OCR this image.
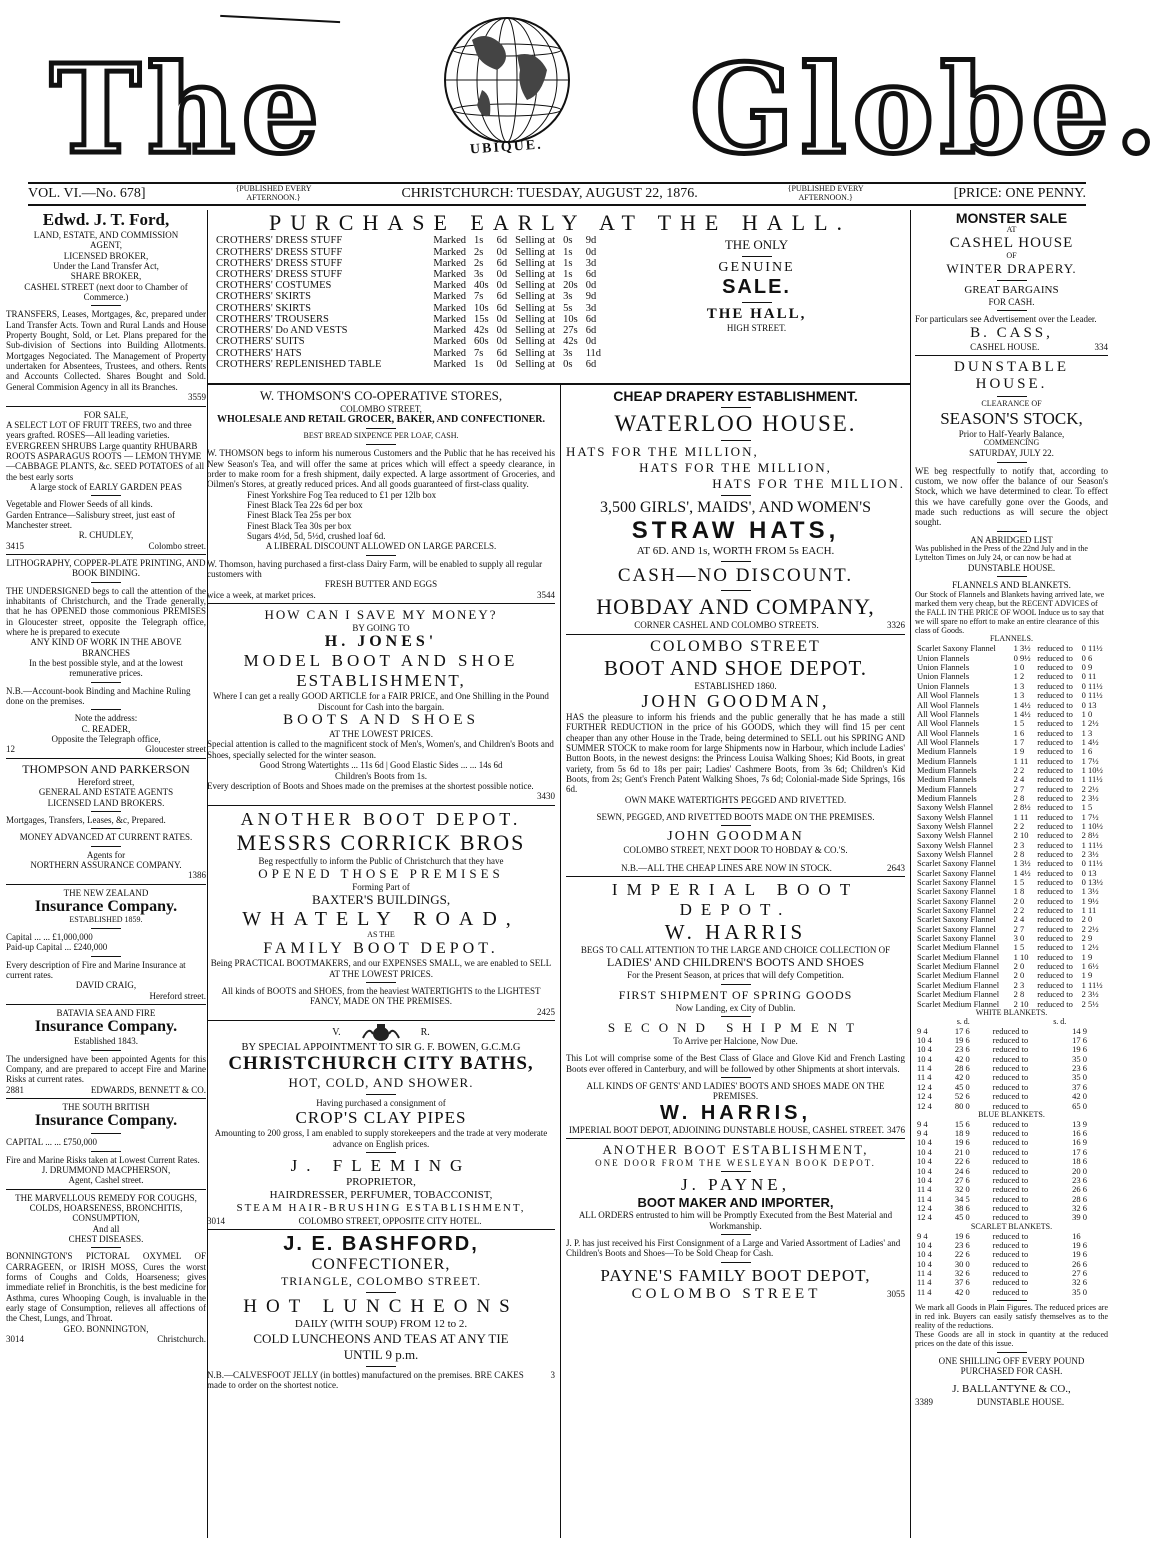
The	UBIQUE. Globe.
VOL. VI.—No. 678]	{PUBLISHED EVERY AFTERNOON.}	CHRISTCHURCH: TUESDAY, AUGUST 22, 1876.	{PUBLISHED EVERY AFTERNOON.}	[PRICE: ONE PENNY.
Edwd. J. T. Ford,
LAND, ESTATE, AND COMMISSION
AGENT,
LICENSED BROKER,
Under the Land Transfer Act,
SHARE BROKER,
CASHEL STREET (next door to Chamber of Commerce.)
TRANSFERS, Leases, Mortgages, &c, prepared under Land Transfer Acts. Town and Rural Lands and House Property Bought, Sold, or Let. Plans prepared for the Sub-division of Sections into Building Allotments. Mortgages Negociated. The Management of Property undertaken for Absentees, Trustees, and others. Rents and Accounts Collected. Shares Bought and Sold. General Commision Agency in all its Branches.
3559
FOR SALE,
A SELECT LOT OF FRUIT TREES, two and three years grafted. ROSES—All leading varieties. EVERGREEN SHRUBS Large quantity RHUBARB ROOTS ASPARAGUS ROOTS — LEMON THYME—CABBAGE PLANTS, &c. SEED POTATOES of all the best early sorts
A large stock of EARLY GARDEN PEAS
Vegetable and Flower Seeds of all kinds.
Garden Entrance—Salisbury street, just east of Manchester street.
R. CHUDLEY,
3415	Colombo street.
LITHOGRAPHY, COPPER-PLATE PRINTING, AND BOOK BINDING.
THE UNDERSIGNED begs to call the attention of the inhabitants of Christchurch, and the Trade generally, that he has OPENED those commonious PREMISES in Gloucester street, opposite the Telegraph office, where he is prepared to execute
ANY KIND OF WORK IN THE ABOVE BRANCHES
In the best possible style, and at the lowest remunerative prices.
N.B.—Account-book Binding and Machine Ruling done on the premises.
Note the address:
C. READER,
Opposite the Telegraph office,
12	Gloucester street
THOMPSON AND PARKERSON
Hereford street,
GENERAL AND ESTATE AGENTS
LICENSED LAND BROKERS.
Mortgages, Transfers, Leases, &c, Prepared.
MONEY ADVANCED AT CURRENT RATES.
Agents for
NORTHERN ASSURANCE COMPANY.
1386
THE NEW ZEALAND
Insurance Company.
ESTABLISHED 1859.
Capital ... ... £1,000,000
Paid-up Capital ... £240,000
Every description of Fire and Marine Insurance at current rates.
DAVID CRAIG,
Hereford street.
BATAVIA SEA AND FIRE
Insurance Company.
Established 1843.
The undersigned have been appointed Agents for this Company, and are prepared to accept Fire and Marine Risks at current rates.
2881	EDWARDS, BENNETT & CO.
THE SOUTH BRITISH
Insurance Company.
CAPITAL ... ... £750,000
Fire and Marine Risks taken at Lowest Current Rates.
J. DRUMMOND MACPHERSON,
Agent, Cashel street.
THE MARVELLOUS REMEDY FOR COUGHS, COLDS, HOARSENESS, BRONCHITIS, CONSUMPTION,
And all
CHEST DISEASES.
BONNINGTON'S PICTORAL OXYMEL OF CARRAGEEN, or IRISH MOSS, Cures the worst forms of Coughs and Colds, Hoarseness; gives immediate relief in Bronchitis, is the best medicine for Asthma, cures Whooping Cough, is invaluable in the early stage of Consumption, relieves all affections of the Chest, Lungs, and Throat.
GEO. BONNINGTON,
3014	Christchurch.
PURCHASE EARLY AT THE HALL.
CROTHERS' DRESS STUFF		Marked	1s	6d	Selling at	0s	9d
CROTHERS' DRESS STUFF		Marked	2s	0d	Selling at	1s	0d
CROTHERS' DRESS STUFF		Marked	2s	6d	Selling at	1s	3d
CROTHERS' DRESS STUFF		Marked	3s	0d	Selling at	1s	6d
CROTHERS' COSTUMES		Marked	40s	0d	Selling at	20s	0d
CROTHERS' SKIRTS		Marked	7s	6d	Selling at	3s	9d
CROTHERS' SKIRTS		Marked	10s	6d	Selling at	5s	3d
CROTHERS' TROUSERS		Marked	15s	0d	Selling at	10s	6d
CROTHERS' Do AND VESTS		Marked	42s	0d	Selling at	27s	6d
CROTHERS' SUITS		Marked	60s	0d	Selling at	42s	0d
CROTHERS' HATS		Marked	7s	6d	Selling at	3s	11d
CROTHERS' REPLENISHED TABLE		Marked	1s	0d	Selling at	0s	6d
THE ONLY
GENUINE
SALE.
THE HALL,
HIGH STREET.
W. THOMSON'S CO-OPERATIVE STORES,
COLOMBO STREET,
WHOLESALE AND RETAIL GROCER, BAKER, AND CONFECTIONER.
BEST BREAD SIXPENCE PER LOAF, CASH.
W. THOMSON begs to inform his numerous Customers and the Public that he has received his New Season's Tea, and will offer the same at prices which will effect a speedy clearance, in order to make room for a fresh shipment, daily expected. A large assortment of Groceries, and Oilmen's Stores, at greatly reduced prices. And all goods guaranteed of first-class quality.
Finest Yorkshire Fog Tea reduced to £1 per 12lb box
Finest Black Tea 22s 6d per box
Finest Black Tea 25s per box
Finest Black Tea 30s per box
Sugars 4½d, 5d, 5½d, crushed loaf 6d.
A LIBERAL DISCOUNT ALLOWED ON LARGE PARCELS.
W. Thomson, having purchased a first-class Dairy Farm, will be enabled to supply all regular customers with
FRESH BUTTER AND EGGS
wice a week, at market prices.	3544
HOW CAN I SAVE MY MONEY?
BY GOING TO
H. JONES'
MODEL BOOT AND SHOE
ESTABLISHMENT,
Where I can get a really GOOD ARTICLE for a FAIR PRICE, and One Shilling in the Pound Discount for Cash into the bargain.
BOOTS AND SHOES
AT THE LOWEST PRICES.
Special attention is called to the magnificent stock of Men's, Women's, and Children's Boots and Shoes, specially selected for the winter season.
Good Strong Watertights ... 11s 6d | Good Elastic Sides ... ... 14s 6d
Children's Boots from 1s.
Every description of Boots and Shoes made on the premises at the shortest possible notice.
3430
ANOTHER BOOT DEPOT.
MESSRS CORRICK BROS
Beg respectfully to inform the Public of Christchurch that they have
OPENED THOSE PREMISES
Forming Part of
BAXTER'S BUILDINGS,
WHATELY ROAD,
AS THE
FAMILY BOOT DEPOT.
Being PRACTICAL BOOTMAKERS, and our EXPENSES SMALL, we are enabled to SELL AT THE LOWEST PRICES.
All kinds of BOOTS and SHOES, from the heaviest WATERTIGHTS to the LIGHTEST FANCY, MADE ON THE PREMISES.
2425
V.	R.
BY SPECIAL APPOINTMENT TO SIR G. F. BOWEN, G.C.M.G
CHRISTCHURCH CITY BATHS,
HOT, COLD, AND SHOWER.
Having purchased a consignment of
CROP'S CLAY PIPES
Amounting to 200 gross, I am enabled to supply storekeepers and the trade at very moderate advance on English prices.
J. FLEMING
PROPRIETOR,
HAIRDRESSER, PERFUMER, TOBACCONIST,
STEAM HAIR-BRUSHING ESTABLISHMENT,
3014	COLOMBO STREET, OPPOSITE CITY HOTEL.
J. E. BASHFORD,
CONFECTIONER,
TRIANGLE, COLOMBO STREET.
HOT LUNCHEONS
DAILY (WITH SOUP) FROM 12 to 2.
COLD LUNCHEONS AND TEAS AT ANY TIE
UNTIL 9 p.m.
N.B.—CALVESFOOT JELLY (in bottles) manufactured on the premises. BRE CAKES made to order on the shortest notice.
3
CHEAP DRAPERY ESTABLISHMENT.
WATERLOO HOUSE.
HATS FOR THE MILLION,
HATS FOR THE MILLION,
HATS FOR THE MILLION.
3,500 GIRLS', MAIDS', AND WOMEN'S
STRAW HATS,
AT 6D. AND 1s, WORTH FROM 5s EACH.
CASH—NO DISCOUNT.
HOBDAY AND COMPANY,
CORNER CASHEL AND COLOMBO STREETS.	3326
COLOMBO STREET
BOOT AND SHOE DEPOT.
ESTABLISHED 1860.
JOHN GOODMAN,
HAS the pleasure to inform his friends and the public generally that he has made a still FURTHER REDUCTION in the price of his GOODS, which they will find 15 per cent cheaper than any other House in the Trade, being determined to SELL out his SPRING AND SUMMER STOCK to make room for large Shipments now in Harbour, which include Ladies' Button Boots, in the newest designs: the Princess Louisa Walking Shoes; Kid Boots, in great variety, from 5s 6d to 18s per pair; Ladies' Cashmere Boots, from 3s 6d; Children's Kid Boots, from 2s; Gent's French Patent Walking Shoes, 7s 6d; Colonial-made Side Springs, 16s 6d.
OWN MAKE WATERTIGHTS PEGGED AND RIVETTED.
SEWN, PEGGED, AND RIVETTED BOOTS MADE ON THE PREMISES.
JOHN GOODMAN
COLOMBO STREET, NEXT DOOR TO HOBDAY & CO.'S.
N.B.—ALL THE CHEAP LINES ARE NOW IN STOCK.	2643
IMPERIAL BOOT DEPOT.
W. HARRIS
BEGS TO CALL ATTENTION TO THE LARGE AND CHOICE COLLECTION OF
LADIES' AND CHILDREN'S BOOTS AND SHOES
For the Present Season, at prices that will defy Competition.
FIRST SHIPMENT OF SPRING GOODS
Now Landing, ex City of Dublin.
SECOND SHIPMENT
To Arrive per Halcione, Now Due.
This Lot will comprise some of the Best Class of Glace and Glove Kid and French Lasting Boots ever offered in Canterbury, and will be followed by other Shipments at short intervals.
ALL KINDS OF GENTS' AND LADIES' BOOTS AND SHOES MADE ON THE PREMISES.
W. HARRIS,
IMPERIAL BOOT DEPOT, ADJOINING DUNSTABLE HOUSE, CASHEL STREET. 3476
ANOTHER BOOT ESTABLISHMENT,
ONE DOOR FROM THE WESLEYAN BOOK DEPOT.
J. PAYNE,
BOOT MAKER AND IMPORTER,
ALL ORDERS entrusted to him will be Promptly Executed from the Best Material and Workmanship.
J. P. has just received his First Consignment of a Large and Varied Assortment of Ladies' and Children's Boots and Shoes—To be Sold Cheap for Cash.
PAYNE'S FAMILY BOOT DEPOT,
COLOMBO STREET	3055
MONSTER SALE
AT
CASHEL HOUSE
OF
WINTER DRAPERY.
GREAT BARGAINS
FOR CASH.
For particulars see Advertisement over the Leader.
B. CASS,
CASHEL HOUSE.	334
DUNSTABLE HOUSE.
CLEARANCE OF
SEASON'S STOCK,
Prior to Half-Yearly Balance,
COMMENCING
SATURDAY, JULY 22.
WE beg respectfully to notify that, according to custom, we now offer the balance of our Season's Stock, which we have determined to clear. To effect this we have carefully gone over the Goods, and made such reductions as will secure the object sought.
AN ABRIDGED LIST
Was published in the Press of the 22nd July and in the Lyttelton Times on July 24, or can now be had at
DUNSTABLE HOUSE.
FLANNELS AND BLANKETS.
Our Stock of Flannels and Blankets having arrived late, we marked them very cheap, but the RECENT ADVICES of the FALL IN THE PRICE OF WOOL Induce us to say that we will spare no effort to make an entire clearance of this class of Goods.
FLANNELS.
Scarlet Saxony Flannel	1 3½	reduced to	0 11½
Union Flannels	0 9½	reduced to	0 6
Union Flannels	1 0	reduced to	0 9
Union Flannels	1 2	reduced to	0 11
Union Flannels	1 3	reduced to	0 11½
All Wool Flannels	1 3	reduced to	0 11½
All Wool Flannels	1 4½	reduced to	0 13
All Wool Flannels	1 4½	reduced to	1 0
All Wool Flannels	1 5	reduced to	1 2½
All Wool Flannels	1 6	reduced to	1 3
All Wool Flannels	1 7	reduced to	1 4½
Medium Flannels	1 9	reduced to	1 6
Medium Flannels	1 11	reduced to	1 7½
Medium Flannels	2 2	reduced to	1 10½
Medium Flannels	2 4	reduced to	1 11½
Medium Flannels	2 7	reduced to	2 2½
Medium Flannels	2 8	reduced to	2 3½
Saxony Welsh Flannel	2 8½	reduced to	1 5
Saxony Welsh Flannel	1 11	reduced to	1 7½
Saxony Welsh Flannel	2 2	reduced to	1 10½
Saxony Welsh Flannel	2 10	reduced to	2 8½
Saxony Welsh Flannel	2 3	reduced to	1 11½
Saxony Welsh Flannel	2 8	reduced to	2 3½
Scarlet Saxony Flannel	1 3½	reduced to	0 11½
Scarlet Saxony Flannel	1 4½	reduced to	0 13
Scarlet Saxony Flannel	1 5	reduced to	0 13½
Scarlet Saxony Flannel	1 8	reduced to	1 3½
Scarlet Saxony Flannel	2 0	reduced to	1 9½
Scarlet Saxony Flannel	2 2	reduced to	1 11
Scarlet Saxony Flannel	2 4	reduced to	2 0
Scarlet Saxony Flannel	2 7	reduced to	2 2½
Scarlet Saxony Flannel	3 0	reduced to	2 9
Scarlet Medium Flannel	1 5	reduced to	1 2½
Scarlet Medium Flannel	1 10	reduced to	1 9
Scarlet Medium Flannel	2 0	reduced to	1 6½
Scarlet Medium Flannel	2 0	reduced to	1 9
Scarlet Medium Flannel	2 3	reduced to	1 11½
Scarlet Medium Flannel	2 8	reduced to	2 3½
Scarlet Medium Flannel	2 10	reduced to	2 5½
WHITE BLANKETS.
s. d.	s. d.
9 4	17 6	reduced to	14 9
10 4	19 6	reduced to	17 6
10 4	23 6	reduced to	19 6
10 4	42 0	reduced to	35 0
11 4	28 6	reduced to	23 6
11 4	42 0	reduced to	35 0
12 4	45 0	reduced to	37 6
12 4	52 6	reduced to	42 0
12 4	80 0	reduced to	65 0
BLUE BLANKETS.
9 4	15 6	reduced to	13 9
9 4	18 9	reduced to	16 6
10 4	19 6	reduced to	16 9
10 4	21 0	reduced to	17 6
10 4	22 6	reduced to	18 6
10 4	24 6	reduced to	20 0
10 4	27 6	reduced to	23 6
11 4	32 0	reduced to	26 6
11 4	34 5	reduced to	28 6
12 4	38 6	reduced to	32 6
12 4	45 0	reduced to	39 0
SCARLET BLANKETS.
9 4	19 6	reduced to	16
10 4	23 6	reduced to	19 6
10 4	22 6	reduced to	19 6
10 4	30 0	reduced to	26 6
11 4	32 6	reduced to	27 6
11 4	37 6	reduced to	32 6
11 4	42 0	reduced to	35 0
We mark all Goods in Plain Figures. The reduced prices are in red ink. Buyers can easily satisfy themselves as to the reality of the reductions.
These Goods are all in stock in quantity at the reduced prices on the date of this issue.
ONE SHILLING OFF EVERY POUND PURCHASED FOR CASH.
J. BALLANTYNE & CO.,
3389	DUNSTABLE HOUSE.
